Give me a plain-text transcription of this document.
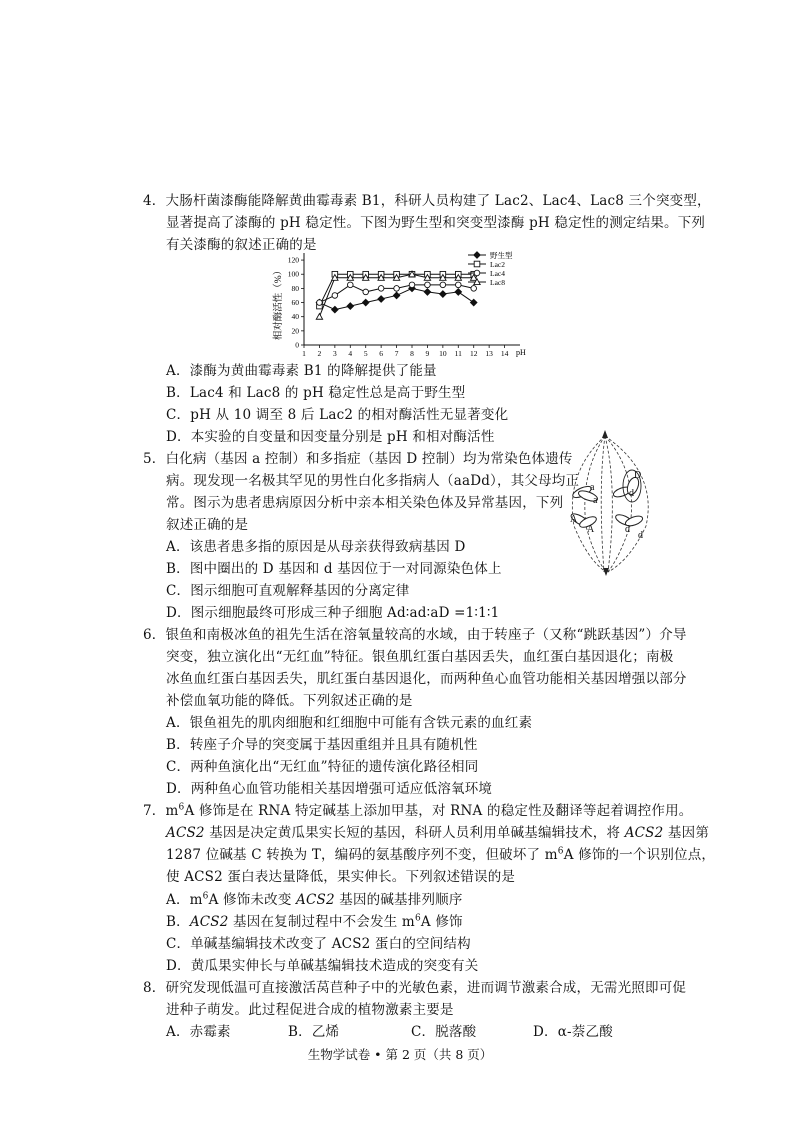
4．大肠杆菌漆酶能降解黄曲霉毒素 B1，科研人员构建了 Lac2、Lac4、Lac8 三个突变型，
显著提高了漆酶的 pH 稳定性。下图为野生型和突变型漆酶 pH 稳定性的测定结果。下列
有关漆酶的叙述正确的是
1 2 3 4 5 6 7 8 9 10 11 12 13 14
0
20
40
60
80
100
120
野生型
Lac2
Lac4
Lac8
相对酶活性（%）
pH
A．漆酶为黄曲霉毒素 B1 的降解提供了能量
B．Lac4 和 Lac8 的 pH 稳定性总是高于野生型
C．pH 从 10 调至 8 后 Lac2 的相对酶活性无显著变化
D．本实验的自变量和因变量分别是 pH 和相对酶活性
5．白化病（基因 a 控制）和多指症（基因 D 控制）均为常染色体遗传
病。现发现一名极其罕见的男性白化多指病人（aaDd），其父母均正
常。图示为患者患病原因分析中亲本相关染色体及异常基因，下列
叙述正确的是
A．该患者患多指的原因是从母亲获得致病基因 D
B．图中圈出的 D 基因和 d 基因位于一对同源染色体上
C．图示细胞可直观解释基因的分离定律
D．图示细胞最终可形成三种子细胞 Ad∶ad∶aD =1∶1∶1
a
a
D
d
A
A	d
d
6．银鱼和南极冰鱼的祖先生活在溶氧量较高的水域，由于转座子（又称“跳跃基因”）介导
突变，独立演化出“无红血”特征。银鱼肌红蛋白基因丢失，血红蛋白基因退化；南极
冰鱼血红蛋白基因丢失，肌红蛋白基因退化，而两种鱼心血管功能相关基因增强以部分
补偿血氧功能的降低。下列叙述正确的是
A．银鱼祖先的肌肉细胞和红细胞中可能有含铁元素的血红素
B．转座子介导的突变属于基因重组并且具有随机性
C．两种鱼演化出“无红血”特征的遗传演化路径相同
D．两种鱼心血管功能相关基因增强可适应低溶氧环境
7．$m^6A$ 修饰是在 RNA 特定碱基上添加甲基，对 RNA 的稳定性及翻译等起着调控作用。
ACS2 基因是决定黄瓜果实长短的基因，科研人员利用单碱基编辑技术，将 ACS2 基因第
1287 位碱基 C 转换为 T，编码的氨基酸序列不变，但破坏了 $m^6A$ 修饰的一个识别位点，
使 ACS2 蛋白表达量降低，果实伸长。下列叙述错误的是
A．$m^6A$ 修饰未改变 ACS2 基因的碱基排列顺序
B．ACS2 基因在复制过程中不会发生 $m^6A$ 修饰
C．单碱基编辑技术改变了 ACS2 蛋白的空间结构
D．黄瓜果实伸长与单碱基编辑技术造成的突变有关
8．研究发现低温可直接激活莴苣种子中的光敏色素，进而调节激素合成，无需光照即可促
进种子萌发。此过程促进合成的植物激素主要是
A．赤霉素	B．乙烯	C．脱落酸	D．α-萘乙酸
生物学试卷 • 第 2 页（共 8 页）
